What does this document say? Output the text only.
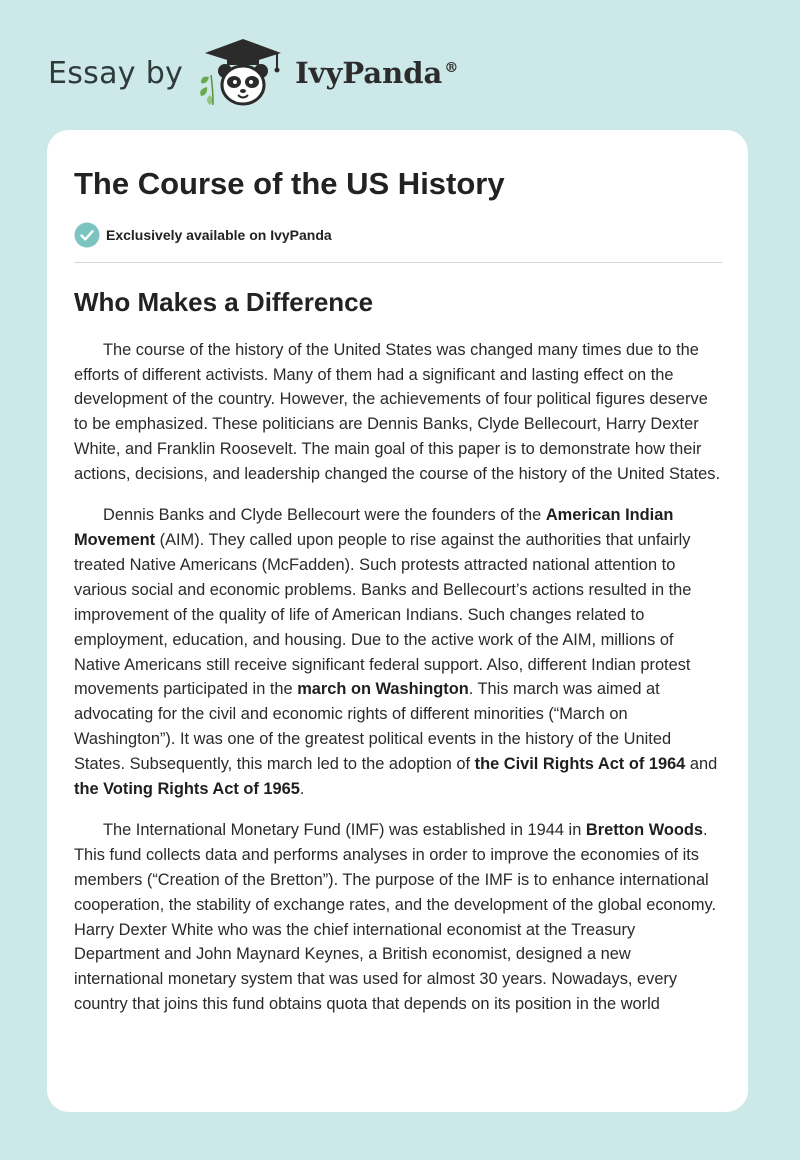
Essay by	IvyPanda ®
The Course of the US History
Exclusively available on IvyPanda
Who Makes a Difference

The course of the history of the United States was changed many times due to the efforts of different activists. Many of them had a significant and lasting effect on the development of the country. However, the achievements of four political figures deserve to be emphasized. These politicians are Dennis Banks, Clyde Bellecourt, Harry Dexter White, and Franklin Roosevelt. The main goal of this paper is to demonstrate how their actions, decisions, and leadership changed the course of the history of the United States.

Dennis Banks and Clyde Bellecourt were the founders of the American Indian Movement (AIM). They called upon people to rise against the authorities that unfairly treated Native Americans (McFadden). Such protests attracted national attention to various social and economic problems. Banks and Bellecourt’s actions resulted in the improvement of the quality of life of American Indians. Such changes related to employment, education, and housing. Due to the active work of the AIM, millions of Native Americans still receive significant federal support. Also, different Indian protest movements participated in the march on Washington. This march was aimed at advocating for the civil and economic rights of different minorities (“March on Washington”). It was one of the greatest political events in the history of the United States. Subsequently, this march led to the adoption of the Civil Rights Act of 1964 and the Voting Rights Act of 1965.

The International Monetary Fund (IMF) was established in 1944 in Bretton Woods. This fund collects data and performs analyses in order to improve the economies of its members (“Creation of the Bretton”). The purpose of the IMF is to enhance international cooperation, the stability of exchange rates, and the development of the global economy. Harry Dexter White who was the chief international economist at the Treasury Department and John Maynard Keynes, a British economist, designed a new international monetary system that was used for almost 30 years. Nowadays, every country that joins this fund obtains quota that depends on its position in the world
